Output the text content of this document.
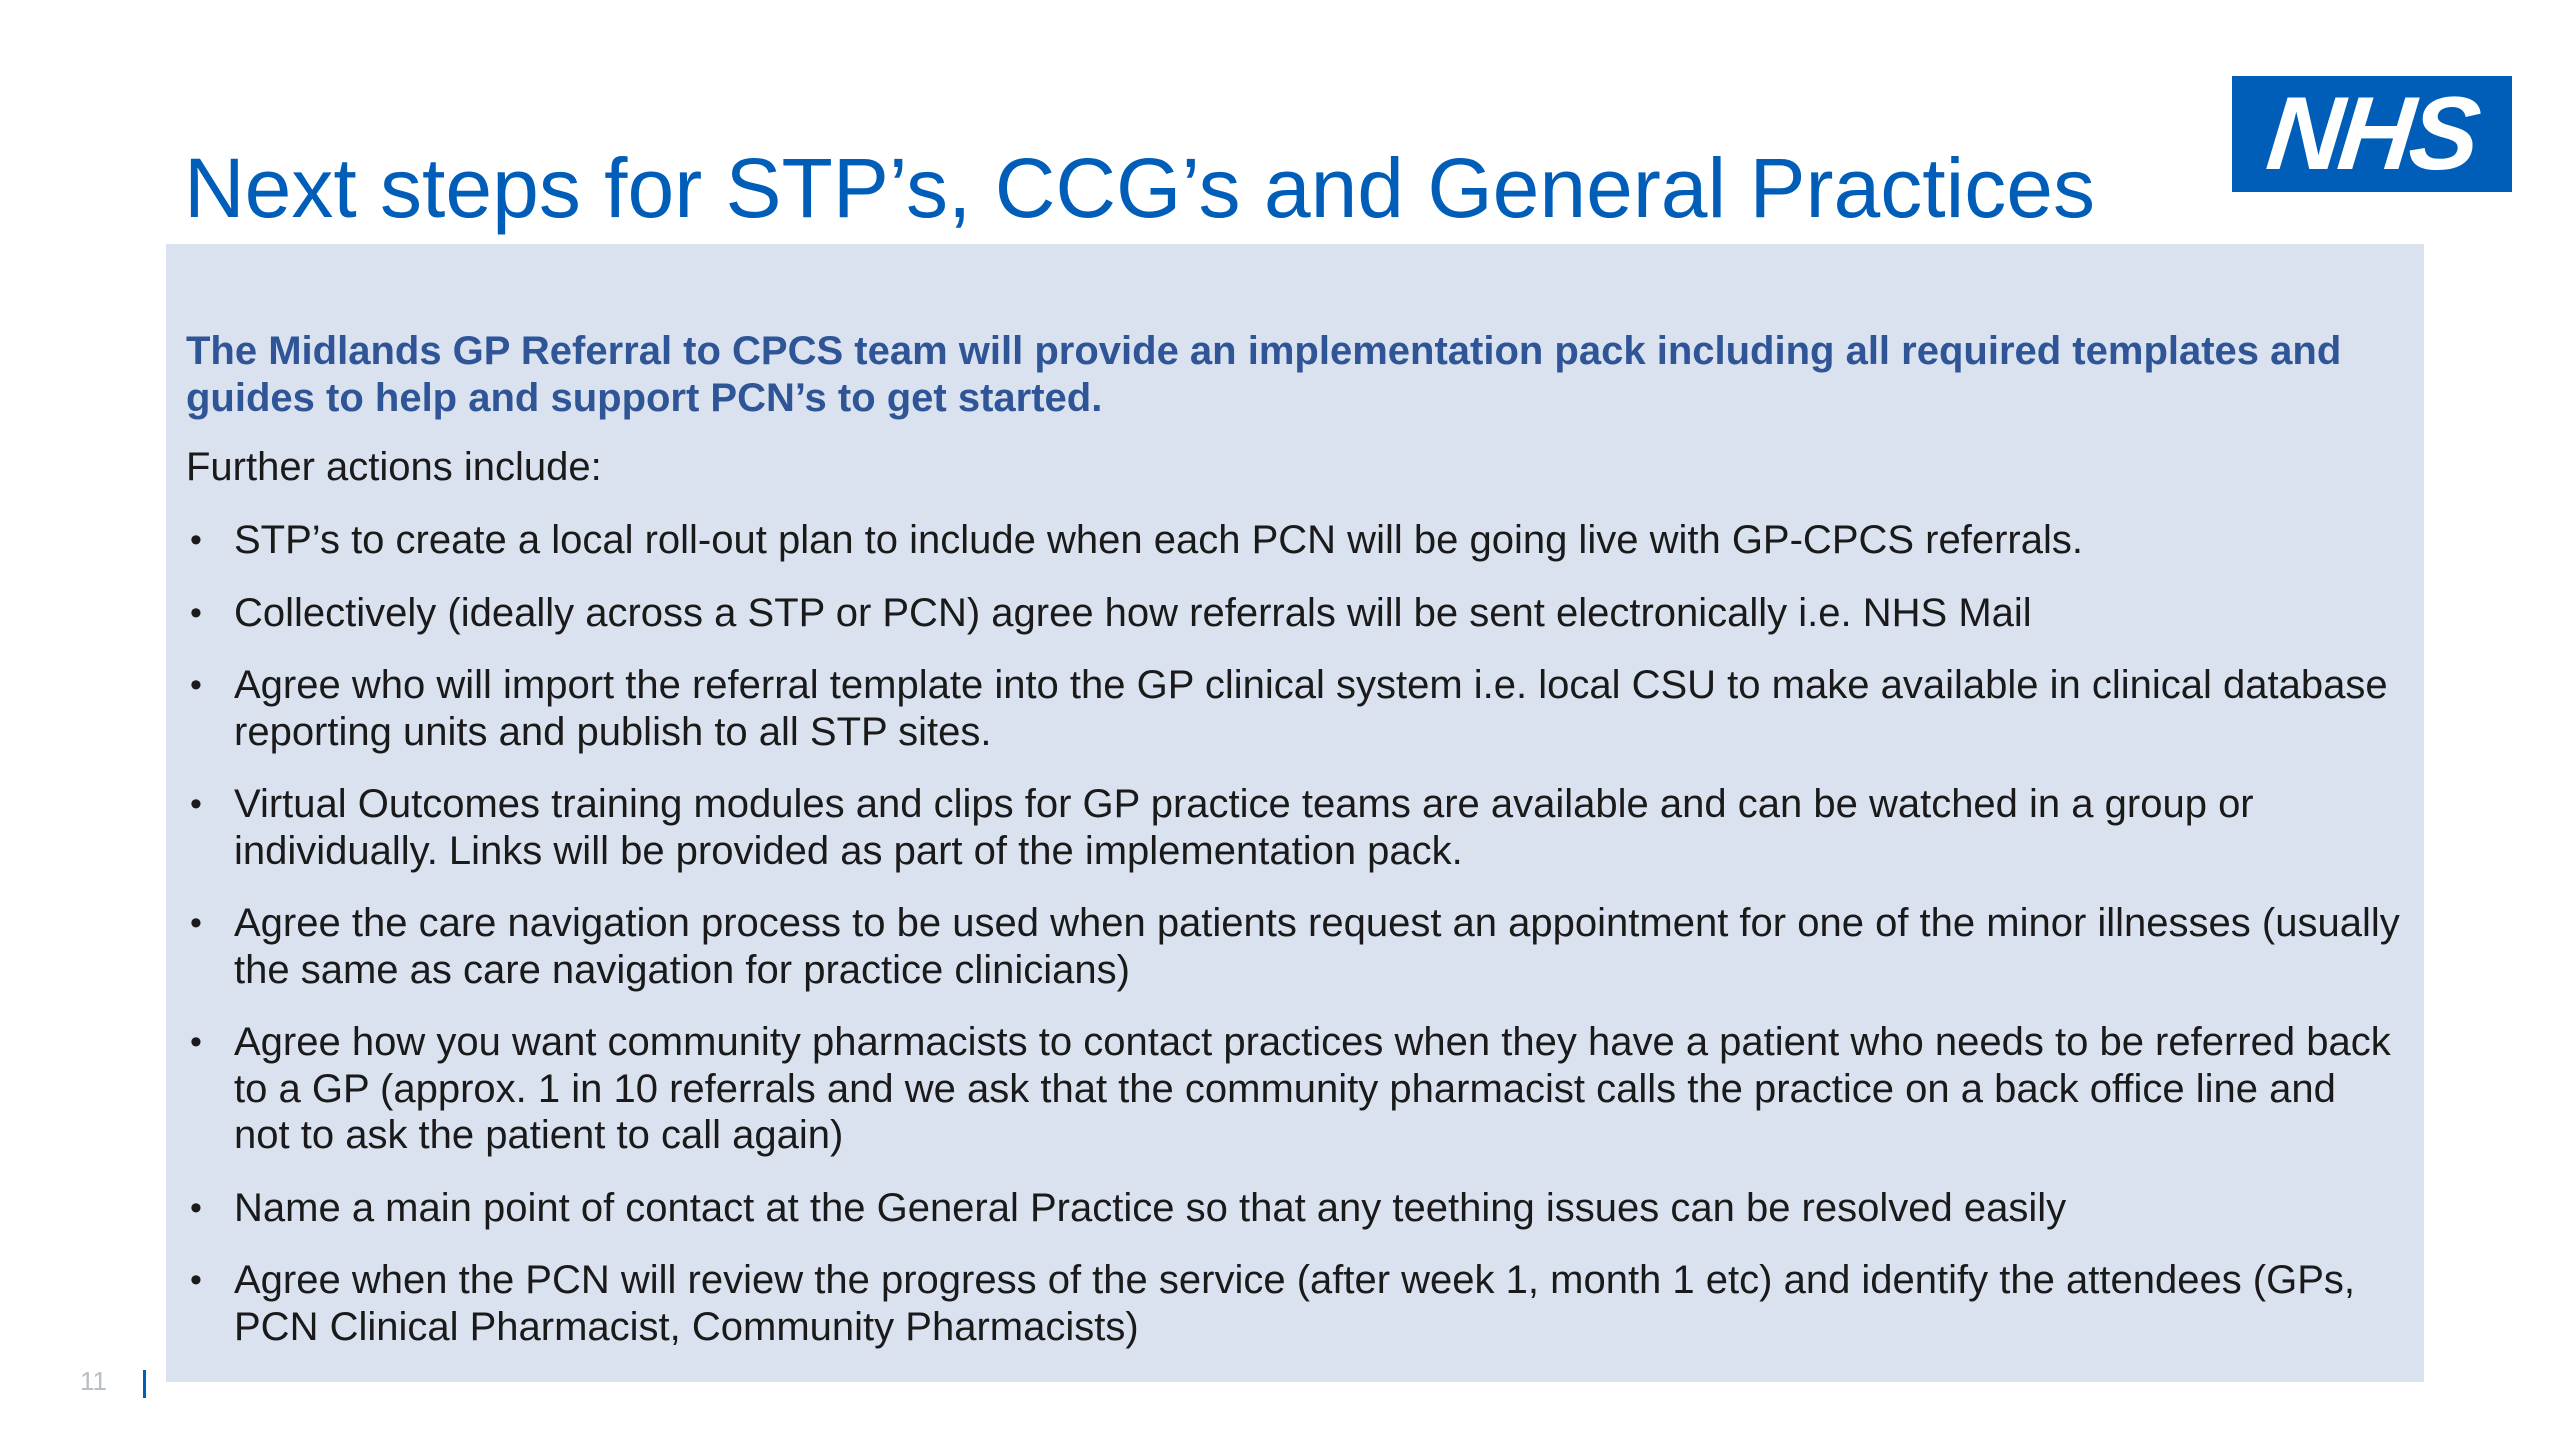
Next steps for STP’s, CCG’s and General Practices NHS

The Midlands GP Referral to CPCS team will provide an implementation pack including all required templates and guides to help and support PCN’s to get started.

Further actions include:

• STP’s to create a local roll-out plan to include when each PCN will be going live with GP-CPCS referrals.
• Collectively (ideally across a STP or PCN) agree how referrals will be sent electronically i.e. NHS Mail
• Agree who will import the referral template into the GP clinical system i.e. local CSU to make available in clinical database reporting units and publish to all STP sites.
• Virtual Outcomes training modules and clips for GP practice teams are available and can be watched in a group or individually. Links will be provided as part of the implementation pack.
• Agree the care navigation process to be used when patients request an appointment for one of the minor illnesses (usually the same as care navigation for practice clinicians)
• Agree how you want community pharmacists to contact practices when they have a patient who needs to be referred back to a GP (approx. 1 in 10 referrals and we ask that the community pharmacist calls the practice on a back office line and not to ask the patient to call again)
• Name a main point of contact at the General Practice so that any teething issues can be resolved easily
• Agree when the PCN will review the progress of the service (after week 1, month 1 etc) and identify the attendees (GPs, PCN Clinical Pharmacist, Community Pharmacists)
11
